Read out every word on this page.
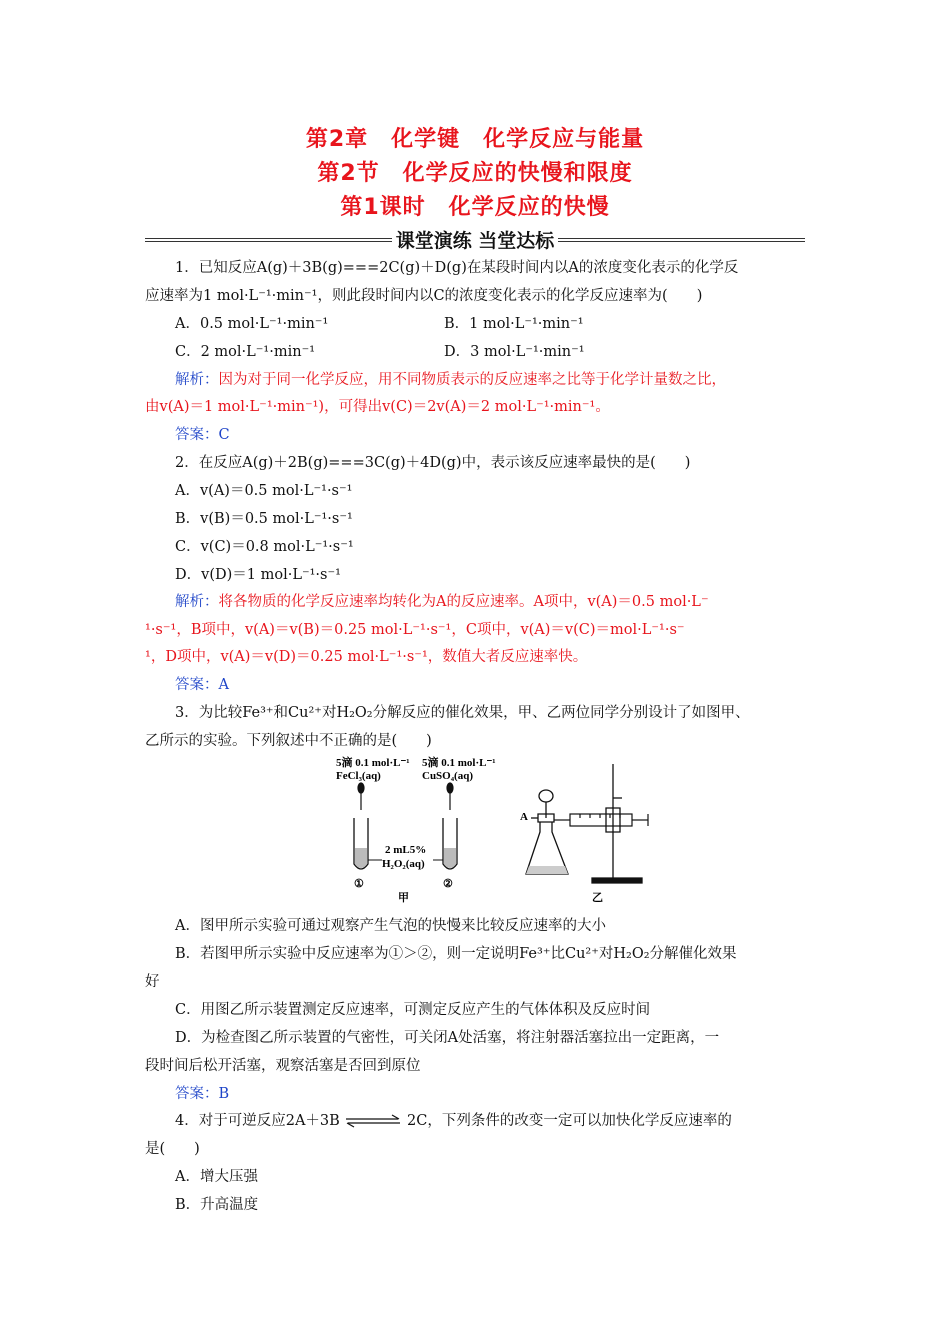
第2章　化学键　化学反应与能量
第2节　化学反应的快慢和限度
第1课时　化学反应的快慢
课堂演练 当堂达标
1．已知反应A(g)＋3B(g)===2C(g)＋D(g)在某段时间内以A的浓度变化表示的化学反
应速率为1 mol·L⁻¹·min⁻¹，则此段时间内以C的浓度变化表示的化学反应速率为(　　)
A．0.5 mol·L⁻¹·min⁻¹	B．1 mol·L⁻¹·min⁻¹
C．2 mol·L⁻¹·min⁻¹	D．3 mol·L⁻¹·min⁻¹
解析：因为对于同一化学反应，用不同物质表示的反应速率之比等于化学计量数之比，
由v(A)＝1 mol·L⁻¹·min⁻¹)，可得出v(C)＝2v(A)＝2 mol·L⁻¹·min⁻¹。
答案：C
2．在反应A(g)＋2B(g)===3C(g)＋4D(g)中，表示该反应速率最快的是(　　)
A．v(A)＝0.5 mol·L⁻¹·s⁻¹
B．v(B)＝0.5 mol·L⁻¹·s⁻¹
C．v(C)＝0.8 mol·L⁻¹·s⁻¹
D．v(D)＝1 mol·L⁻¹·s⁻¹
解析：将各物质的化学反应速率均转化为A的反应速率。A项中，v(A)＝0.5 mol·L⁻
¹·s⁻¹，B项中，v(A)＝v(B)＝0.25 mol·L⁻¹·s⁻¹，C项中，v(A)＝v(C)＝mol·L⁻¹·s⁻
¹，D项中，v(A)＝v(D)＝0.25 mol·L⁻¹·s⁻¹，数值大者反应速率快。
答案：A
3．为比较Fe³⁺和Cu²⁺对H₂O₂分解反应的催化效果，甲、乙两位同学分别设计了如图甲、
乙所示的实验。下列叙述中不正确的是(　　)
5滴 0.1 mol·L⁻¹
FeCl₃(aq)
5滴 0.1 mol·L⁻¹
CuSO₄(aq)
2 mL5%
H₂O₂(aq)
①	②
甲
A
乙
A．图甲所示实验可通过观察产生气泡的快慢来比较反应速率的大小
B．若图甲所示实验中反应速率为①＞②，则一定说明Fe³⁺比Cu²⁺对H₂O₂分解催化效果
好
C．用图乙所示装置测定反应速率，可测定反应产生的气体体积及反应时间
D．为检查图乙所示装置的气密性，可关闭A处活塞，将注射器活塞拉出一定距离，一
段时间后松开活塞，观察活塞是否回到原位
答案：B
4．对于可逆反应2A＋3B ⇌ 2C，下列条件的改变一定可以加快化学反应速率的
是(　　)
A．增大压强
B．升高温度
